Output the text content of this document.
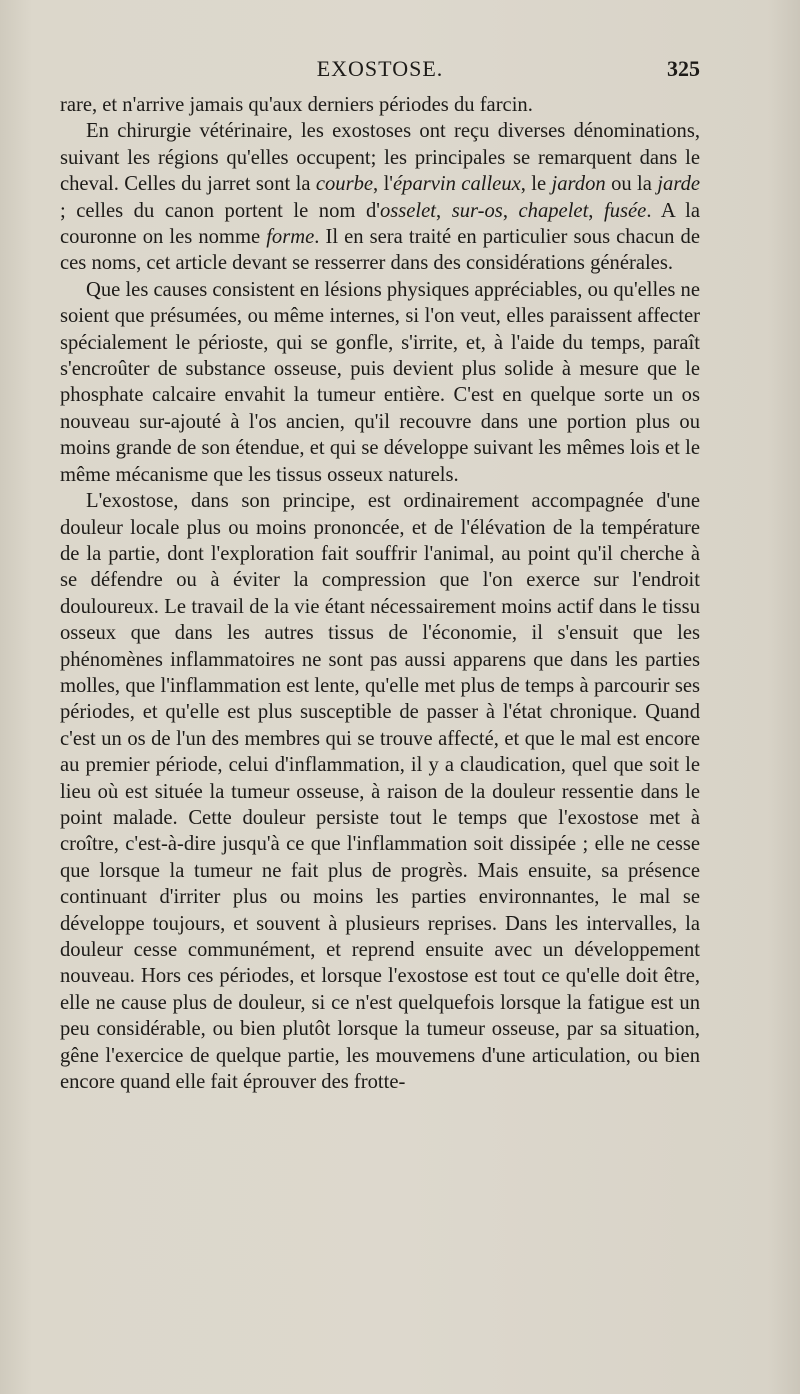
EXOSTOSE.	325

rare, et n'arrive jamais qu'aux derniers périodes du farcin.

En chirurgie vétérinaire, les exostoses ont reçu diverses dénominations, suivant les régions qu'elles occupent; les principales se remarquent dans le cheval. Celles du jarret sont la courbe, l'éparvin calleux, le jardon ou la jarde ; celles du canon portent le nom d'osselet, sur-os, chapelet, fusée. A la couronne on les nomme forme. Il en sera traité en particulier sous chacun de ces noms, cet article devant se resserrer dans des considérations générales.

Que les causes consistent en lésions physiques appréciables, ou qu'elles ne soient que présumées, ou même internes, si l'on veut, elles paraissent affecter spécialement le périoste, qui se gonfle, s'irrite, et, à l'aide du temps, paraît s'encroûter de substance osseuse, puis devient plus solide à mesure que le phosphate calcaire envahit la tumeur entière. C'est en quelque sorte un os nouveau sur-ajouté à l'os ancien, qu'il recouvre dans une portion plus ou moins grande de son étendue, et qui se développe suivant les mêmes lois et le même mécanisme que les tissus osseux naturels.

L'exostose, dans son principe, est ordinairement accompagnée d'une douleur locale plus ou moins prononcée, et de l'élévation de la température de la partie, dont l'exploration fait souffrir l'animal, au point qu'il cherche à se défendre ou à éviter la compression que l'on exerce sur l'endroit douloureux. Le travail de la vie étant nécessairement moins actif dans le tissu osseux que dans les autres tissus de l'économie, il s'ensuit que les phénomènes inflammatoires ne sont pas aussi apparens que dans les parties molles, que l'inflammation est lente, qu'elle met plus de temps à parcourir ses périodes, et qu'elle est plus susceptible de passer à l'état chronique. Quand c'est un os de l'un des membres qui se trouve affecté, et que le mal est encore au premier période, celui d'inflammation, il y a claudication, quel que soit le lieu où est située la tumeur osseuse, à raison de la douleur ressentie dans le point malade. Cette douleur persiste tout le temps que l'exostose met à croître, c'est-à-dire jusqu'à ce que l'inflammation soit dissipée ; elle ne cesse que lorsque la tumeur ne fait plus de progrès. Mais ensuite, sa présence continuant d'irriter plus ou moins les parties environnantes, le mal se développe toujours, et souvent à plusieurs reprises. Dans les intervalles, la douleur cesse communément, et reprend ensuite avec un développement nouveau. Hors ces périodes, et lorsque l'exostose est tout ce qu'elle doit être, elle ne cause plus de douleur, si ce n'est quelquefois lorsque la fatigue est un peu considérable, ou bien plutôt lorsque la tumeur osseuse, par sa situation, gêne l'exercice de quelque partie, les mouvemens d'une articulation, ou bien encore quand elle fait éprouver des frotte-
